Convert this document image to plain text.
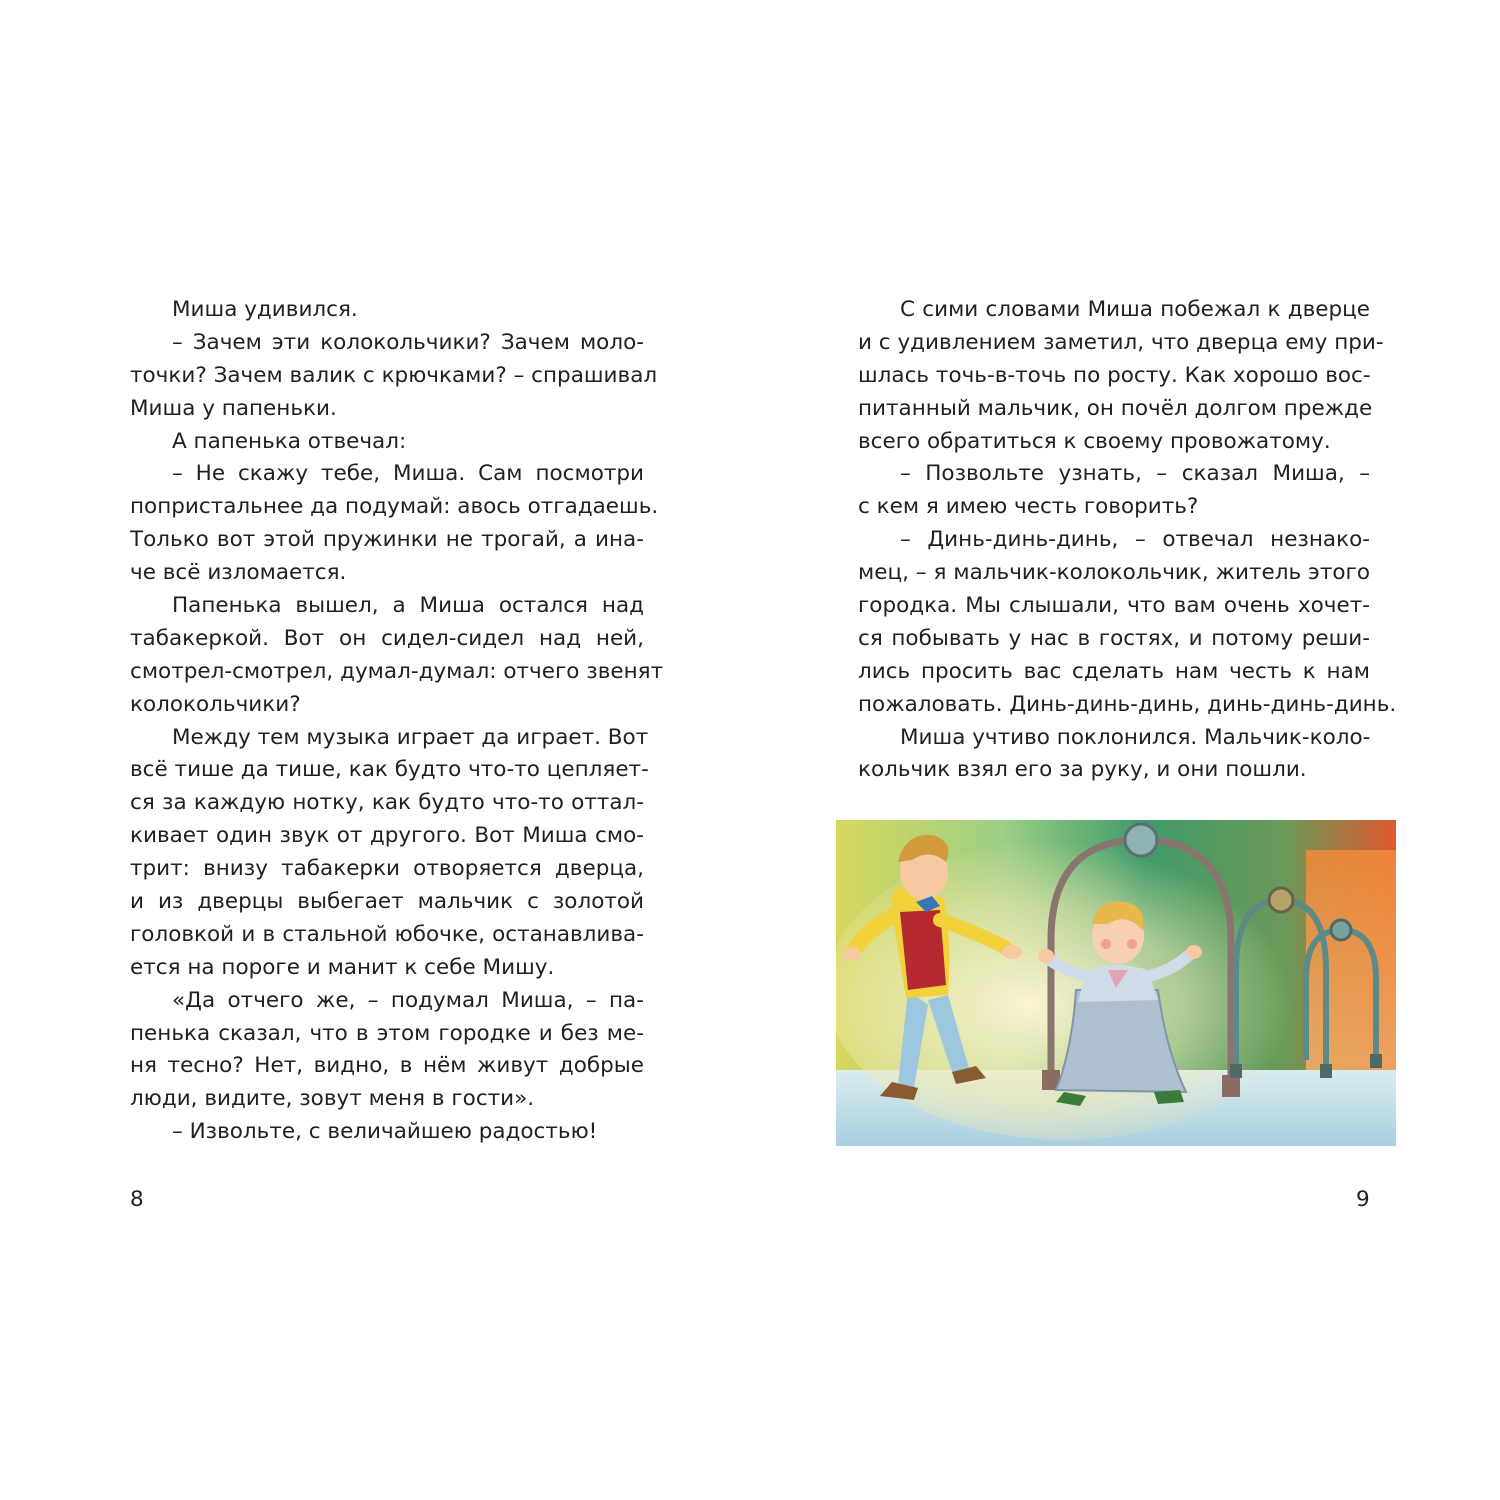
Миша удивился.
– Зачем эти колокольчики? Зачем моло-
точки? Зачем валик с крючками? – спрашивал
Миша у папеньки.
А папенька отвечал:
– Не скажу тебе, Миша. Сам посмотри
попристальнее да подумай: авось отгадаешь.
Только вот этой пружинки не трогай, а ина-
че всё изломается.
Папенька вышел, а Миша остался над
табакеркой. Вот он сидел-сидел над ней,
смотрел-смотрел, думал-думал: отчего звенят
колокольчики?
Между тем музыка играет да играет. Вот
всё тише да тише, как будто что-то цепляет-
ся за каждую нотку, как будто что-то оттал-
кивает один звук от другого. Вот Миша смо-
трит: внизу табакерки отворяется дверца,
и из дверцы выбегает мальчик с золотой
головкой и в стальной юбочке, останавлива-
ется на пороге и манит к себе Мишу.
«Да отчего же, – подумал Миша, – па-
пенька сказал, что в этом городке и без ме-
ня тесно? Нет, видно, в нём живут добрые
люди, видите, зовут меня в гости».
– Извольте, с величайшею радостью!
8
С сими словами Миша побежал к дверце
и с удивлением заметил, что дверца ему при-
шлась точь-в-точь по росту. Как хорошо вос-
питанный мальчик, он почёл долгом прежде
всего обратиться к своему провожатому.
– Позвольте узнать, – сказал Миша, –
с кем я имею честь говорить?
– Динь-динь-динь, – отвечал незнако-
мец, – я мальчик-колокольчик, житель этого
городка. Мы слышали, что вам очень хочет-
ся побывать у нас в гостях, и потому реши-
лись просить вас сделать нам честь к нам
пожаловать. Динь-динь-динь, динь-динь-динь.
Миша учтиво поклонился. Мальчик-коло-
кольчик взял его за руку, и они пошли.
9
